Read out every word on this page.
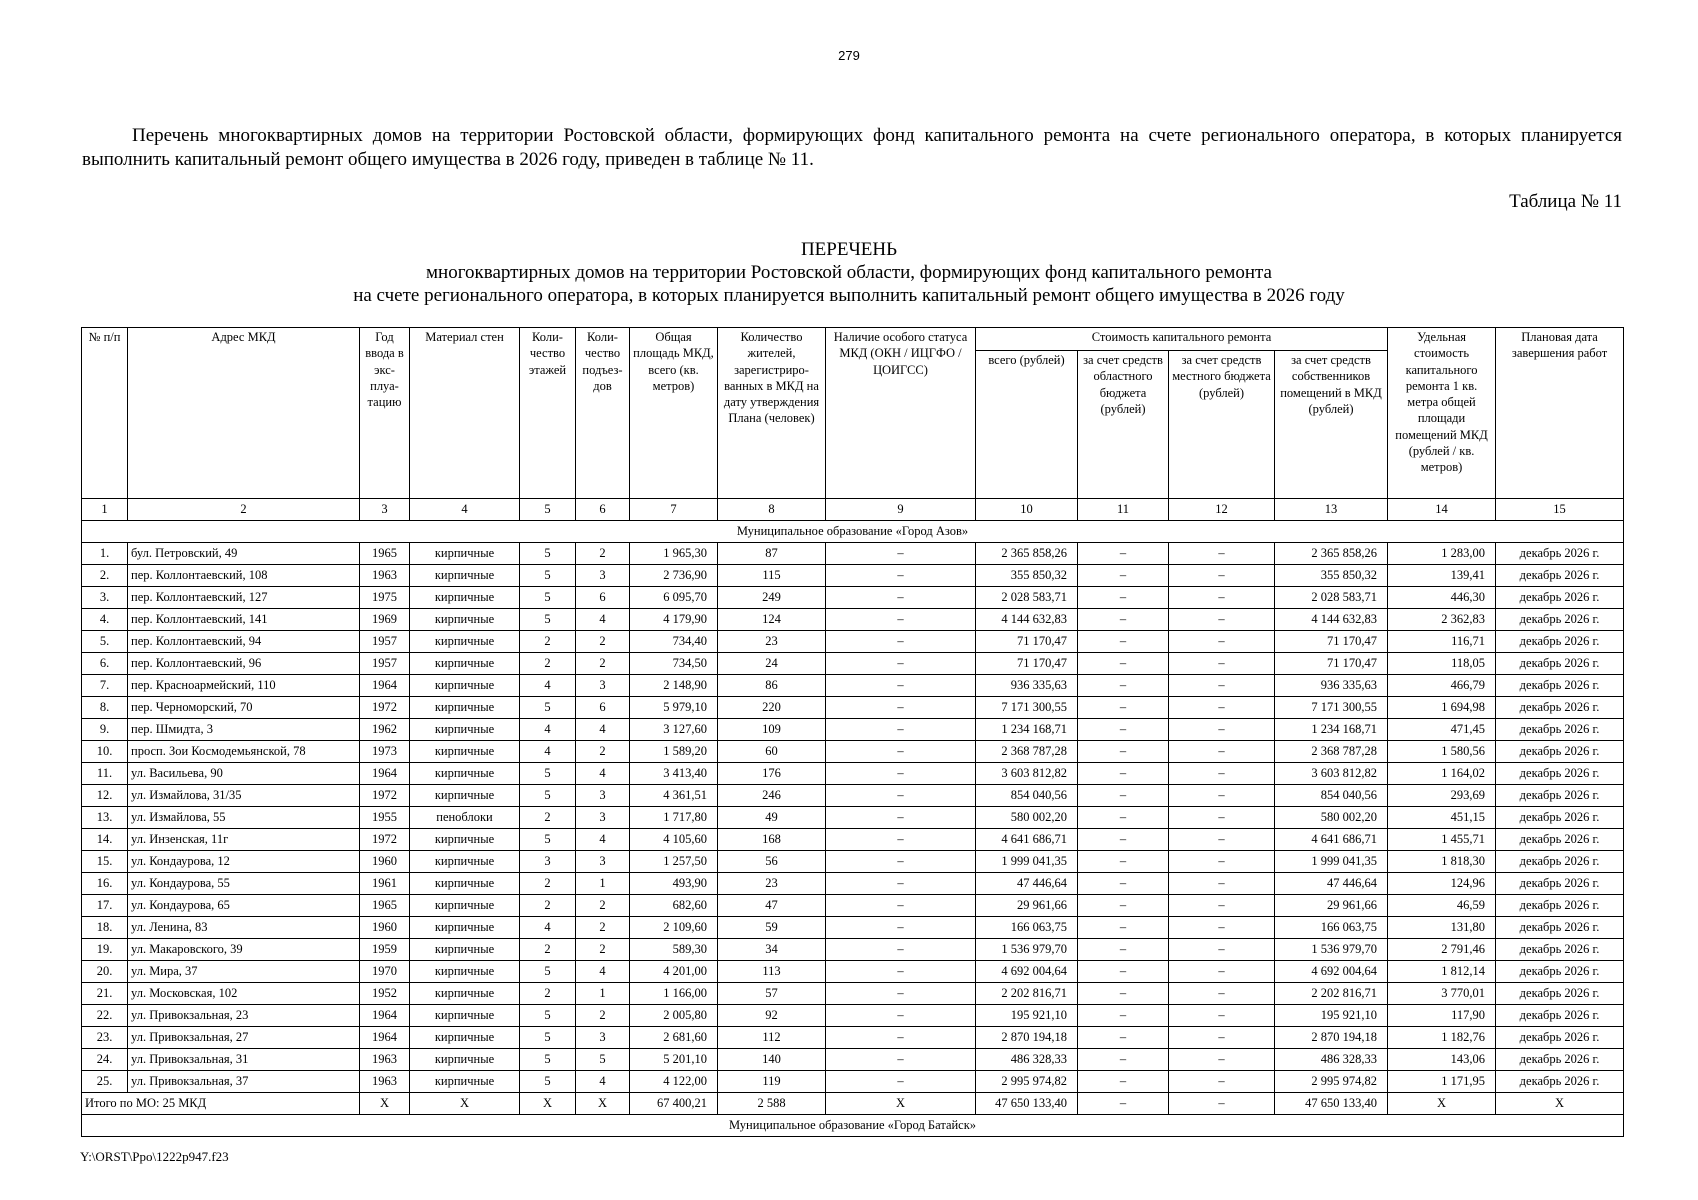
279
Перечень многоквартирных домов на территории Ростовской области, формирующих фонд капитального ремонта на счете регионального оператора, в которых планируется выполнить капитальный ремонт общего имущества в 2026 году, приведен в таблице № 11.
Таблица № 11
ПЕРЕЧЕНЬ
многоквартирных домов на территории Ростовской области, формирующих фонд капитального ремонта
на счете регионального оператора, в которых планируется выполнить капитальный ремонт общего имущества в 2026 году
№ п/п	Адрес МКД	Год ввода в экс-плуа-тацию	Материал стен	Коли-чество этажей	Коли-чество подъез-дов	Общая площадь МКД, всего (кв. метров)	Количество жителей, зарегистриро-ванных в МКД на дату утверждения Плана (человек)	Наличие особого статуса МКД (ОКН / ИЦГФО / ЦОИГСС)	Стоимость капитального ремонта				Удельная стоимость капитального ремонта 1 кв. метра общей площади помещений МКД (рублей / кв. метров)	Плановая дата завершения работ
									всего (рублей)	за счет средств областного бюджета (рублей)	за счет средств местного бюджета (рублей)	за счет средств собственников помещений в МКД (рублей)		
1	2	3	4	5	6	7	8	9	10	11	12	13	14	15
Муниципальное образование «Город Азов»														
1.	бул. Петровский, 49	1965	кирпичные	5	2	1 965,30	87	–	2 365 858,26	–	–	2 365 858,26	1 283,00	декабрь 2026 г.
2.	пер. Коллонтаевский, 108	1963	кирпичные	5	3	2 736,90	115	–	355 850,32	–	–	355 850,32	139,41	декабрь 2026 г.
3.	пер. Коллонтаевский, 127	1975	кирпичные	5	6	6 095,70	249	–	2 028 583,71	–	–	2 028 583,71	446,30	декабрь 2026 г.
4.	пер. Коллонтаевский, 141	1969	кирпичные	5	4	4 179,90	124	–	4 144 632,83	–	–	4 144 632,83	2 362,83	декабрь 2026 г.
5.	пер. Коллонтаевский, 94	1957	кирпичные	2	2	734,40	23	–	71 170,47	–	–	71 170,47	116,71	декабрь 2026 г.
6.	пер. Коллонтаевский, 96	1957	кирпичные	2	2	734,50	24	–	71 170,47	–	–	71 170,47	118,05	декабрь 2026 г.
7.	пер. Красноармейский, 110	1964	кирпичные	4	3	2 148,90	86	–	936 335,63	–	–	936 335,63	466,79	декабрь 2026 г.
8.	пер. Черноморский, 70	1972	кирпичные	5	6	5 979,10	220	–	7 171 300,55	–	–	7 171 300,55	1 694,98	декабрь 2026 г.
9.	пер. Шмидта, 3	1962	кирпичные	4	4	3 127,60	109	–	1 234 168,71	–	–	1 234 168,71	471,45	декабрь 2026 г.
10.	просп. Зои Космодемьянской, 78	1973	кирпичные	4	2	1 589,20	60	–	2 368 787,28	–	–	2 368 787,28	1 580,56	декабрь 2026 г.
11.	ул. Васильева, 90	1964	кирпичные	5	4	3 413,40	176	–	3 603 812,82	–	–	3 603 812,82	1 164,02	декабрь 2026 г.
12.	ул. Измайлова, 31/35	1972	кирпичные	5	3	4 361,51	246	–	854 040,56	–	–	854 040,56	293,69	декабрь 2026 г.
13.	ул. Измайлова, 55	1955	пеноблоки	2	3	1 717,80	49	–	580 002,20	–	–	580 002,20	451,15	декабрь 2026 г.
14.	ул. Инзенская, 11г	1972	кирпичные	5	4	4 105,60	168	–	4 641 686,71	–	–	4 641 686,71	1 455,71	декабрь 2026 г.
15.	ул. Кондаурова, 12	1960	кирпичные	3	3	1 257,50	56	–	1 999 041,35	–	–	1 999 041,35	1 818,30	декабрь 2026 г.
16.	ул. Кондаурова, 55	1961	кирпичные	2	1	493,90	23	–	47 446,64	–	–	47 446,64	124,96	декабрь 2026 г.
17.	ул. Кондаурова, 65	1965	кирпичные	2	2	682,60	47	–	29 961,66	–	–	29 961,66	46,59	декабрь 2026 г.
18.	ул. Ленина, 83	1960	кирпичные	4	2	2 109,60	59	–	166 063,75	–	–	166 063,75	131,80	декабрь 2026 г.
19.	ул. Макаровского, 39	1959	кирпичные	2	2	589,30	34	–	1 536 979,70	–	–	1 536 979,70	2 791,46	декабрь 2026 г.
20.	ул. Мира, 37	1970	кирпичные	5	4	4 201,00	113	–	4 692 004,64	–	–	4 692 004,64	1 812,14	декабрь 2026 г.
21.	ул. Московская, 102	1952	кирпичные	2	1	1 166,00	57	–	2 202 816,71	–	–	2 202 816,71	3 770,01	декабрь 2026 г.
22.	ул. Привокзальная, 23	1964	кирпичные	5	2	2 005,80	92	–	195 921,10	–	–	195 921,10	117,90	декабрь 2026 г.
23.	ул. Привокзальная, 27	1964	кирпичные	5	3	2 681,60	112	–	2 870 194,18	–	–	2 870 194,18	1 182,76	декабрь 2026 г.
24.	ул. Привокзальная, 31	1963	кирпичные	5	5	5 201,10	140	–	486 328,33	–	–	486 328,33	143,06	декабрь 2026 г.
25.	ул. Привокзальная, 37	1963	кирпичные	5	4	4 122,00	119	–	2 995 974,82	–	–	2 995 974,82	1 171,95	декабрь 2026 г.
Итого по МО: 25 МКД		X	X	X	X	67 400,21	2 588	X	47 650 133,40	–	–	47 650 133,40	X	X
Муниципальное образование «Город Батайск»														
Y:\ORST\Ppo\1222p947.f23
